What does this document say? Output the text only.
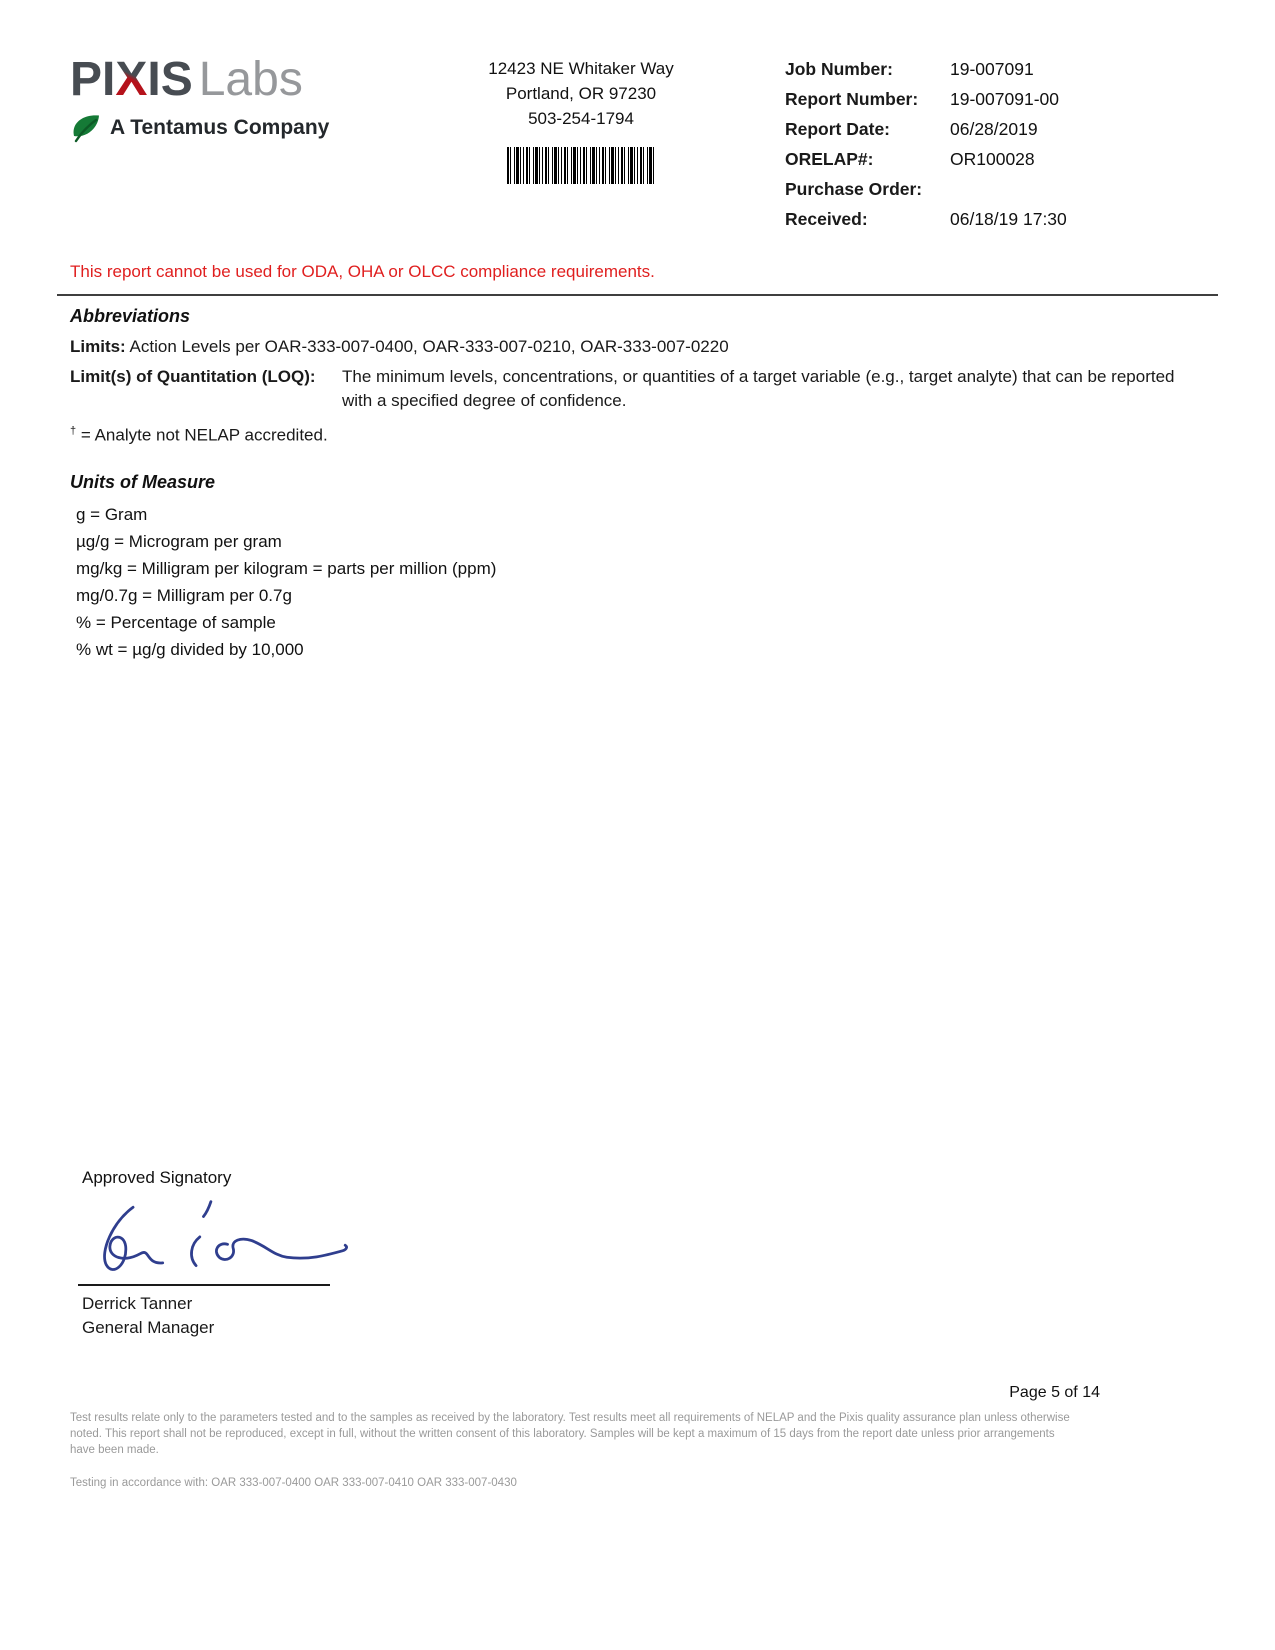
PIXIS Labs
A Tentamus Company
12423 NE Whitaker Way
Portland, OR 97230
503-254-1794
Job Number:	19-007091
Report Number:	19-007091-00
Report Date:	06/28/2019
ORELAP#:	OR100028
Purchase Order:
Received:	06/18/19 17:30
This report cannot be used for ODA, OHA or OLCC compliance requirements.
Abbreviations
Limits: Action Levels per OAR-333-007-0400, OAR-333-007-0210, OAR-333-007-0220
Limit(s) of Quantitation (LOQ):	The minimum levels, concentrations, or quantities of a target variable (e.g., target analyte) that can be reported with a specified degree of confidence.
† = Analyte not NELAP accredited.
Units of Measure
g = Gram
µg/g = Microgram per gram
mg/kg = Milligram per kilogram = parts per million (ppm)
mg/0.7g = Milligram per 0.7g
% = Percentage of sample
% wt = µg/g divided by 10,000
Approved Signatory
Derrick Tanner
General Manager
Page 5 of 14
Test results relate only to the parameters tested and to the samples as received by the laboratory. Test results meet all requirements of NELAP and the Pixis quality assurance plan unless otherwise noted. This report shall not be reproduced, except in full, without the written consent of this laboratory. Samples will be kept a maximum of 15 days from the report date unless prior arrangements have been made.
Testing in accordance with: OAR 333-007-0400 OAR 333-007-0410 OAR 333-007-0430
